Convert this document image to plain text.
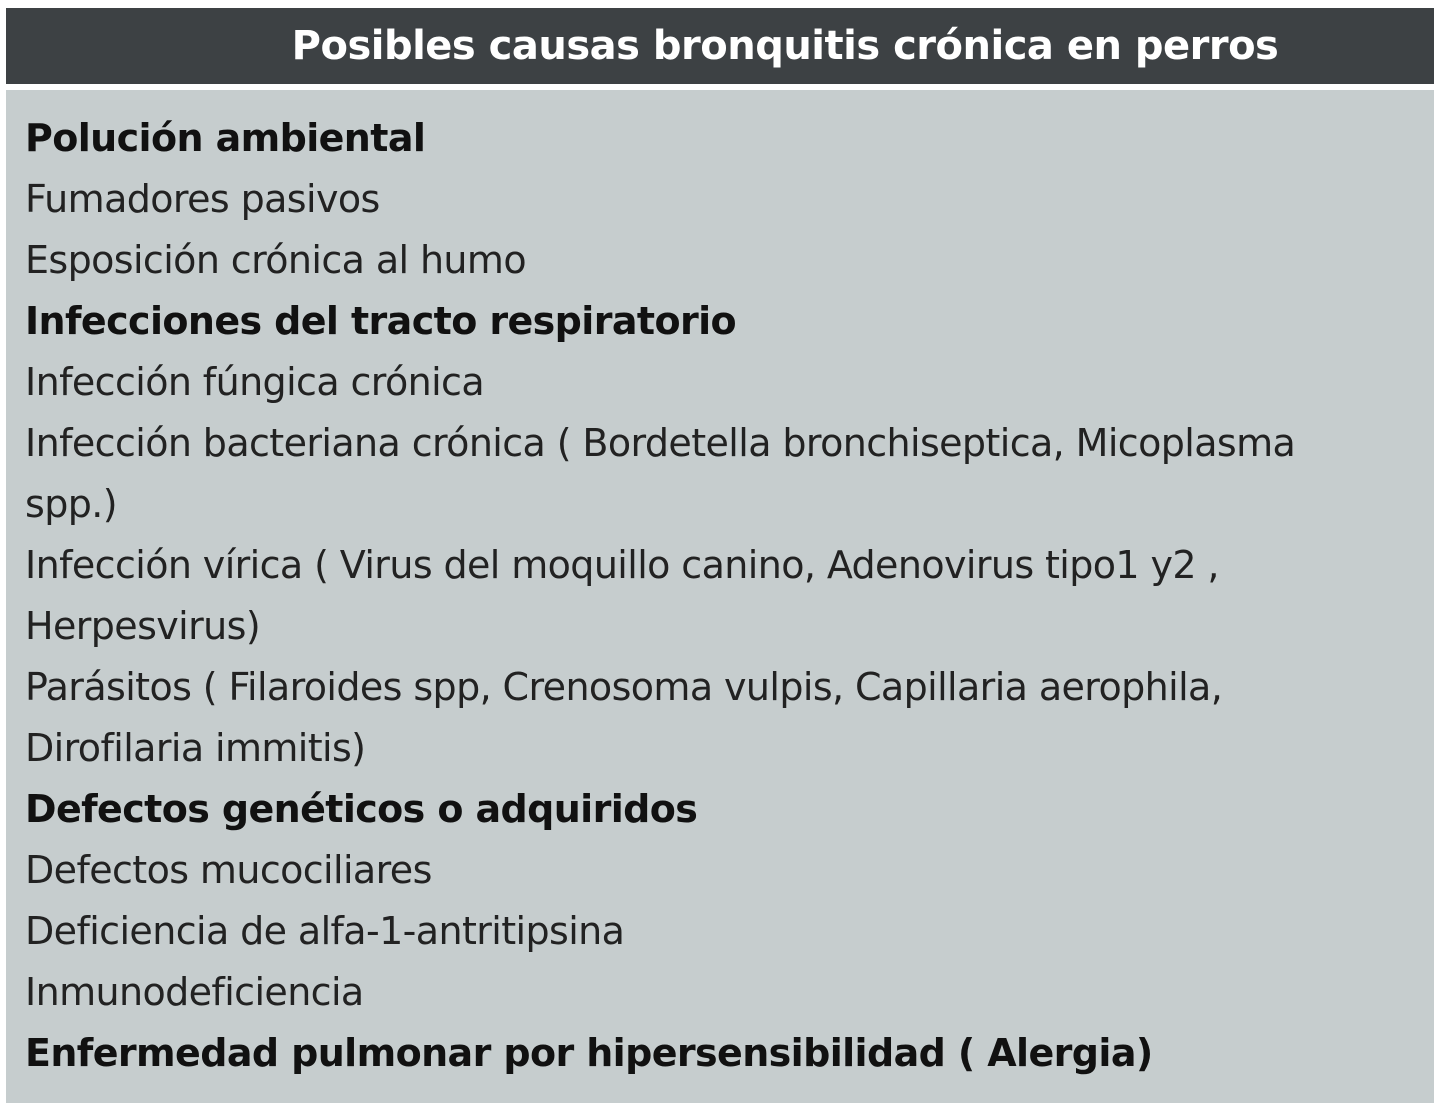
Posibles causas bronquitis crónica en perros
Polución ambiental
Fumadores pasivos
Esposición crónica al humo
Infecciones del tracto respiratorio
Infección fúngica crónica
Infección bacteriana crónica ( Bordetella bronchiseptica, Micoplasma
spp.)
Infección vírica ( Virus del moquillo canino, Adenovirus tipo1 y2 ,
Herpesvirus)
Parásitos ( Filaroides spp, Crenosoma vulpis, Capillaria aerophila,
Dirofilaria immitis)
Defectos genéticos o adquiridos
Defectos mucociliares
Deficiencia de alfa-1-antritipsina
Inmunodeficiencia
Enfermedad pulmonar por hipersensibilidad ( Alergia)
